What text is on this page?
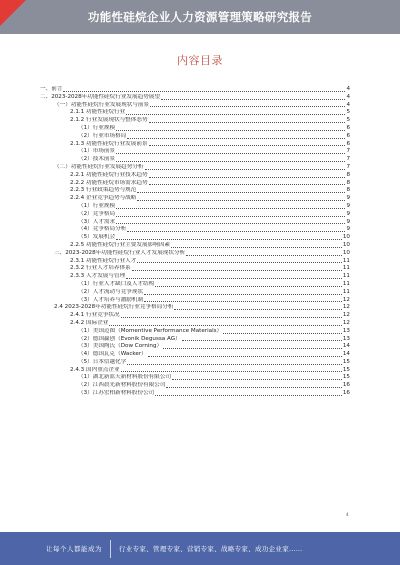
功能性硅烷企业人力资源管理策略研究报告
内容目录
一、前言	4
二、2023-2028年功能性硅烷行业发展趋势展望	4
（一）功能性硅烷行业发展现状与前景	4
2.1.1 功能性硅烷行业	5
2.1.2 行业发展现状与整体态势	5
（1）行业规模	6
（2）行业市场格局	6
2.1.3 功能性硅烷行业发展前景	6
（1）市场前景	7
（2）技术前景	7
（二）功能性硅烷行业发展趋势分析	7
2.2.1 功能性硅烷行业技术趋势	8
2.2.2 功能性硅烷市场需求趋势	8
2.2.3 行业政策趋势与规范	8
2.2.4 企业竞争趋势与战略	9
（1）行业规模	9
（2）竞争格局	9
（3）人才需求	9
（4）竞争格局分析	9
（5）发展机会	10
2.2.5 功能性硅烷行业主要发展影响因素	10
三、2023-2028年功能性硅烷行业人才发展现状分析	10
2.3.1 功能性硅烷行业人才	11
2.3.2 行业人才培养体系	11
2.3.3 人才发展与管理	11
（1）行业人才缺口及人才结构	11
（2）人才流动与竞争现状	11
（3）人才培养与激励机制	12
2.4 2023-2028年功能性硅烷行业竞争格局分析	12
2.4.1 行业竞争状况	12
2.4.2 国际企业	12
（1）美国迈图（Momentive Performance Materials）	13
（2）德国赢创（Evonik Degussa AG）	13
（3）美国陶氏（Dow Corning）	14
（4）德国瓦克（Wacker）	14
（5）日本信越化学	15
2.4.3 国内重点企业	15
（1）湖北新蓝天新材料股份有限公司	15
（2）江西晨光新材料股份有限公司	16
（3）江苏宏柏新材料股份公司	16
4
让每个人都能成为	行业专家、管理专家、营销专家、战略专家、成功企业家……
